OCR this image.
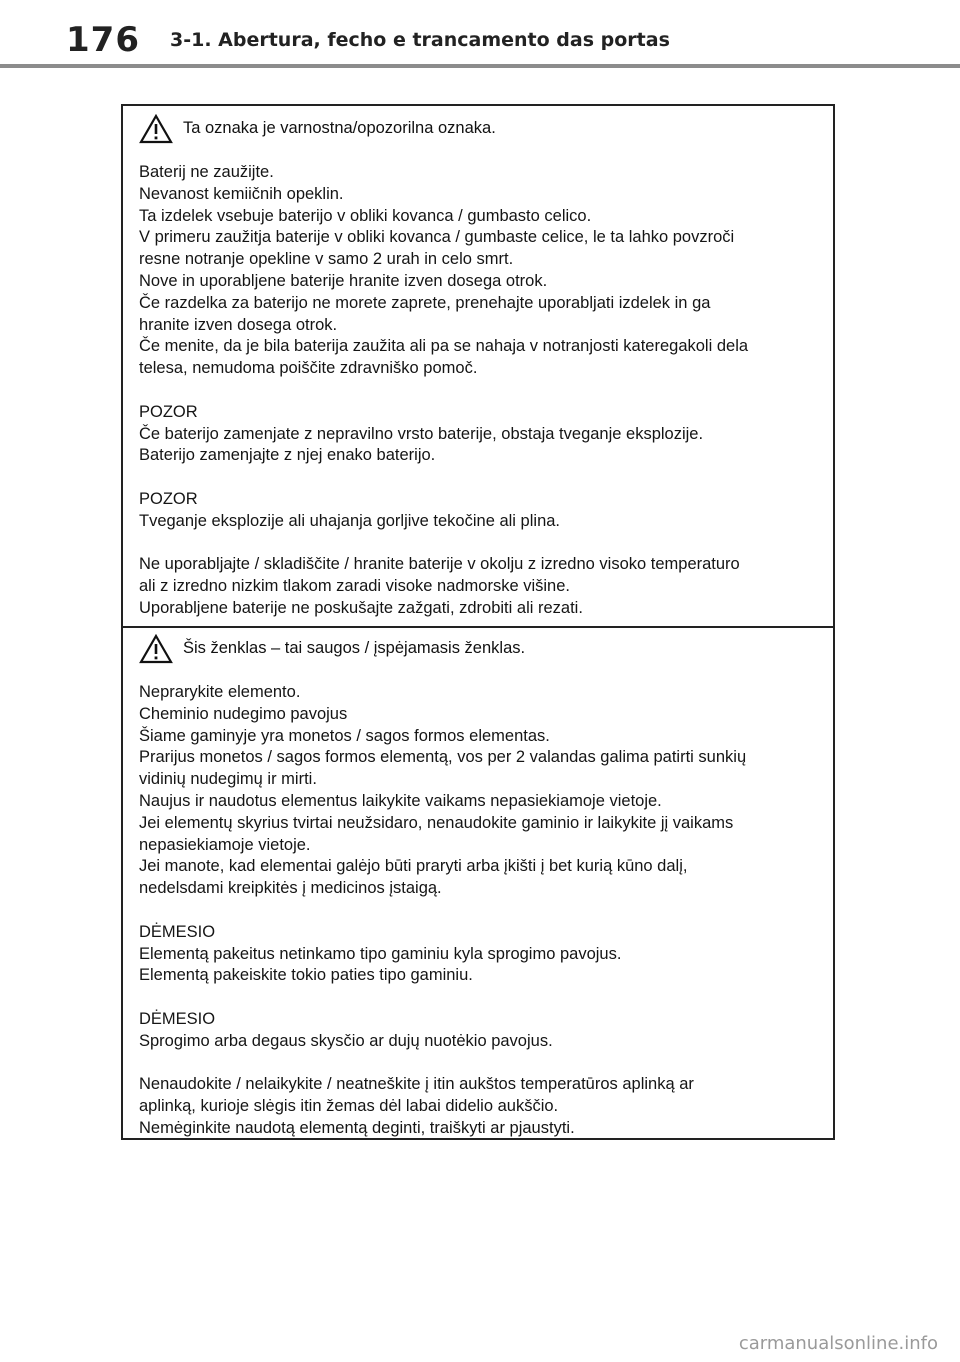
176 3-1. Abertura, fecho e trancamento das portas
Ta oznaka je varnostna/opozorilna oznaka.
Baterij ne zaužijte.
Nevanost kemiičnih opeklin.
Ta izdelek vsebuje baterijo v obliki kovanca / gumbasto celico.
V primeru zaužitja baterije v obliki kovanca / gumbaste celice, le ta lahko povzroči
resne notranje opekline v samo 2 urah in celo smrt.
Nove in uporabljene baterije hranite izven dosega otrok.
Če razdelka za baterijo ne morete zaprete, prenehajte uporabljati izdelek in ga
hranite izven dosega otrok.
Če menite, da je bila baterija zaužita ali pa se nahaja v notranjosti kateregakoli dela
telesa, nemudoma poiščite zdravniško pomoč.
POZOR
Če baterijo zamenjate z nepravilno vrsto baterije, obstaja tveganje eksplozije.
Baterijo zamenjajte z njej enako baterijo.
POZOR
Tveganje eksplozije ali uhajanja gorljive tekočine ali plina.
Ne uporabljajte / skladiščite / hranite baterije v okolju z izredno visoko temperaturo
ali z izredno nizkim tlakom zaradi visoke nadmorske višine.
Uporabljene baterije ne poskušajte zažgati, zdrobiti ali rezati.
Šis ženklas – tai saugos / įspėjamasis ženklas.
Neprarykite elemento.
Cheminio nudegimo pavojus
Šiame gaminyje yra monetos / sagos formos elementas.
Prarijus monetos / sagos formos elementą, vos per 2 valandas galima patirti sunkių
vidinių nudegimų ir mirti.
Naujus ir naudotus elementus laikykite vaikams nepasiekiamoje vietoje.
Jei elementų skyrius tvirtai neužsidaro, nenaudokite gaminio ir laikykite jį vaikams
nepasiekiamoje vietoje.
Jei manote, kad elementai galėjo būti praryti arba įkišti į bet kurią kūno dalį,
nedelsdami kreipkitės į medicinos įstaigą.
DĖMESIO
Elementą pakeitus netinkamo tipo gaminiu kyla sprogimo pavojus.
Elementą pakeiskite tokio paties tipo gaminiu.
DĖMESIO
Sprogimo arba degaus skysčio ar dujų nuotėkio pavojus.
Nenaudokite / nelaikykite / neatneškite į itin aukštos temperatūros aplinką ar
aplinką, kurioje slėgis itin žemas dėl labai didelio aukščio.
Nemėginkite naudotą elementą deginti, traiškyti ar pjaustyti.
carmanualsonline.info
